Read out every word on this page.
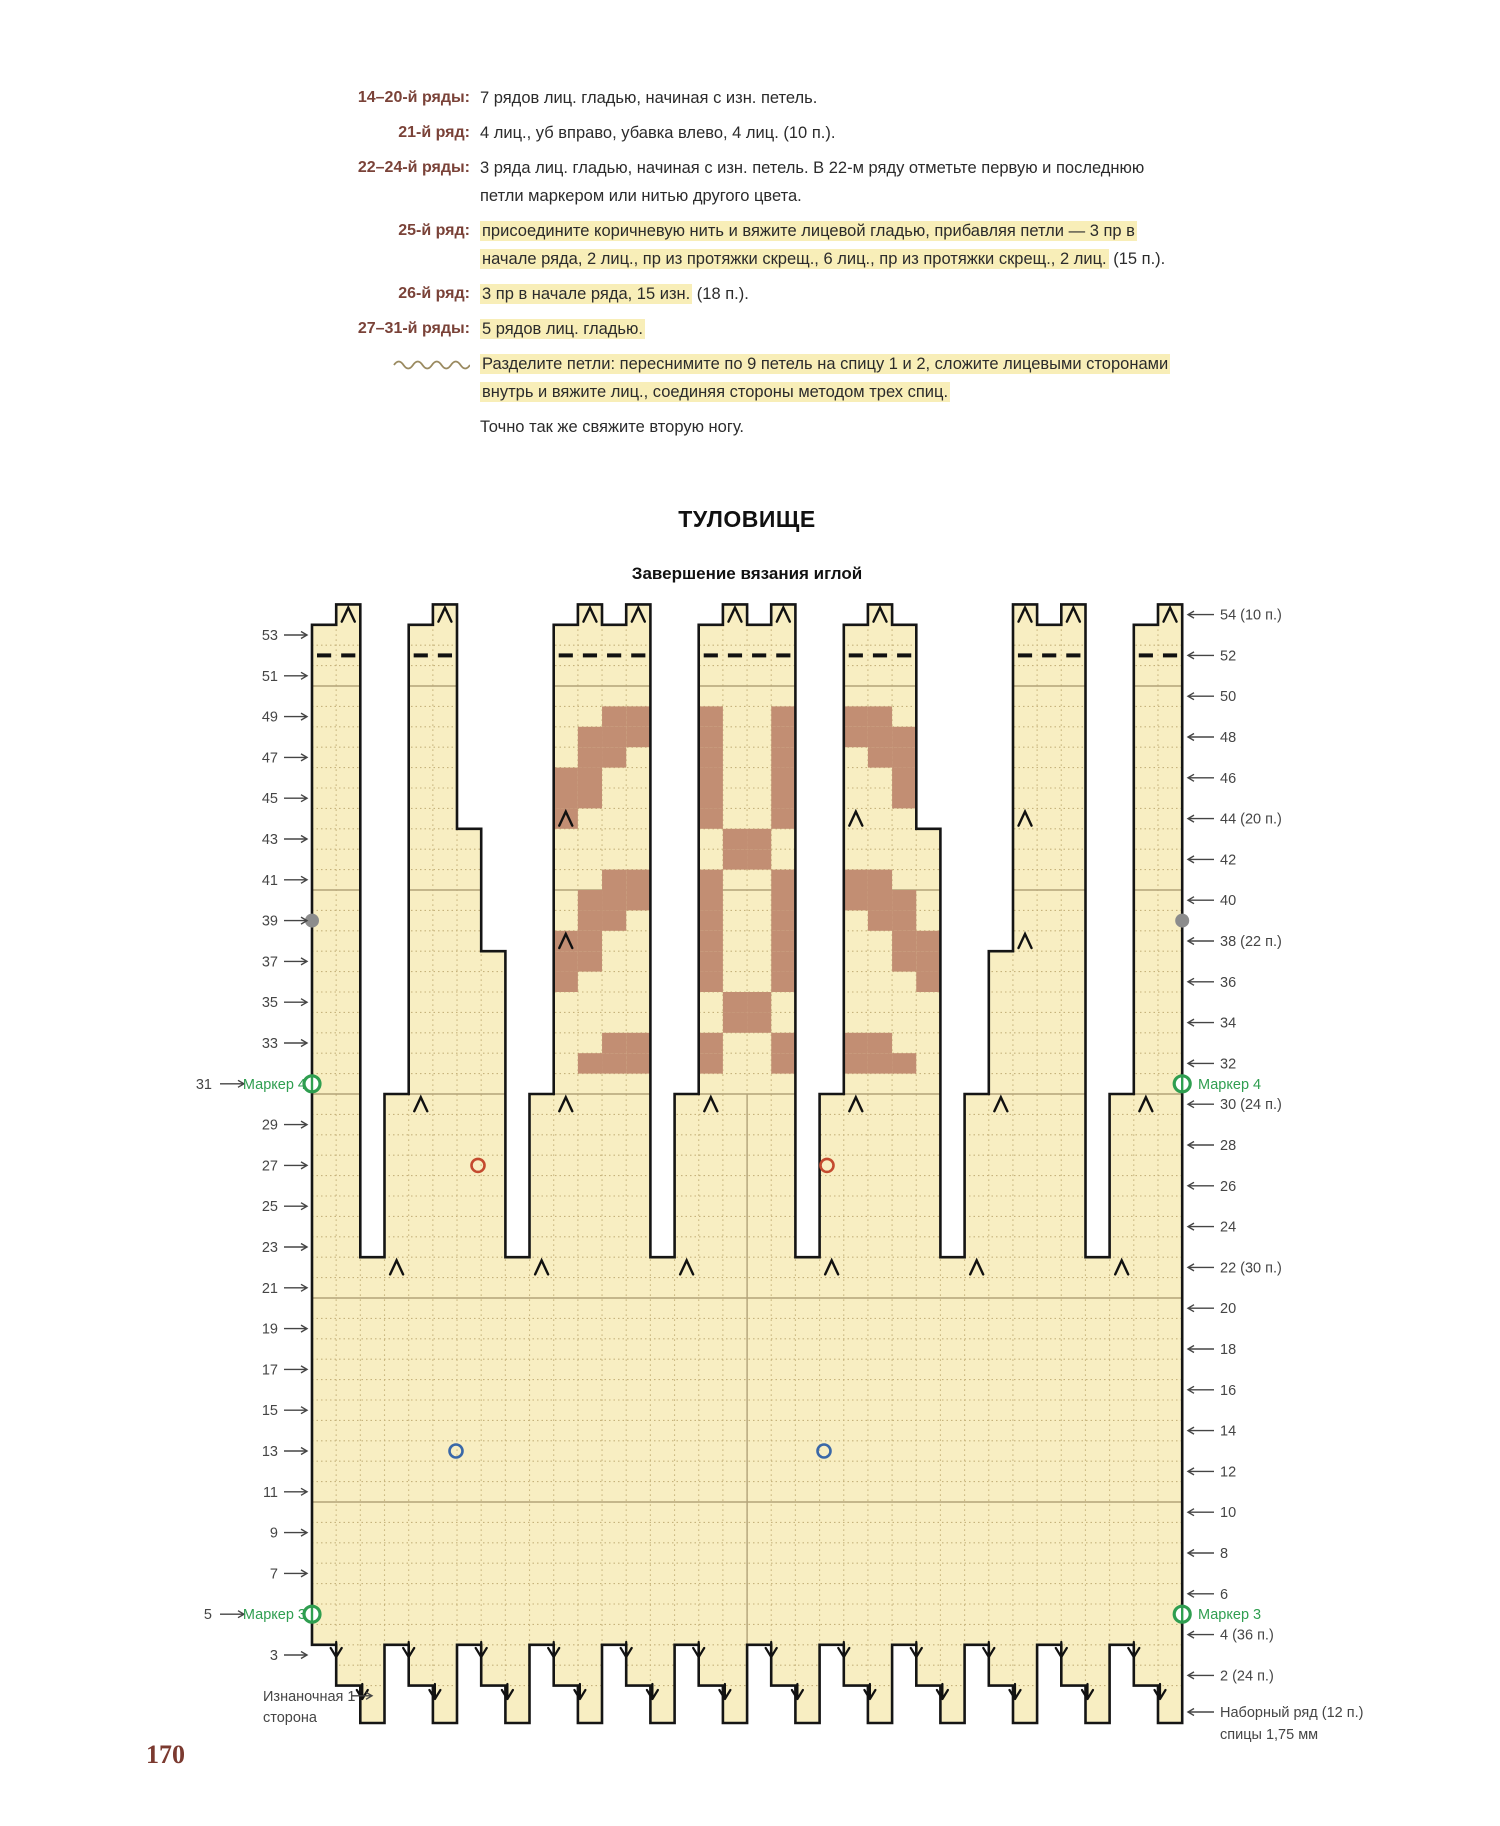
14–20-й ряды: 7 рядов лиц. гладью, начиная с изн. петель.
21-й ряд: 4 лиц., уб вправо, убавка влево, 4 лиц. (10 п.).
22–24-й ряды: 3 ряда лиц. гладью, начиная с изн. петель. В 22-м ряду отметьте первую и последнюю петли маркером или нитью другого цвета.
25-й ряд: присоедините коричневую нить и вяжите лицевой гладью, прибавляя петли — 3 пр в начале ряда, 2 лиц., пр из протяжки скрещ., 6 лиц., пр из протяжки скрещ., 2 лиц. (15 п.).
26-й ряд: 3 пр в начале ряда, 15 изн. (18 п.).
27–31-й ряды: 5 рядов лиц. гладью.
Разделите петли: переснимите по 9 петель на спицу 1 и 2, сложите лицевыми сторонами внутрь и вяжите лиц., соединяя стороны методом трех спиц.
Точно так же свяжите вторую ногу.
ТУЛОВИЩЕ
Завершение вязания иглой
53
51
49
47
45
43
41
39
37
35
33
31 Маркер 4
29
27
25
23
21
19
17
15
13
11
9
7
5 Маркер 3
3
Изнаночная 1
сторона
54 (10 п.)
52
50
48
46
44 (20 п.)
42
40
38 (22 п.)
36
34
32
30 (24 п.)
28
26
24
22 (30 п.)
20
18
16
14
12
10
8
6
4 (36 п.)
2 (24 п.)
Маркер 4
Маркер 3
Наборный ряд (12 п.)
спицы 1,75 мм
170
